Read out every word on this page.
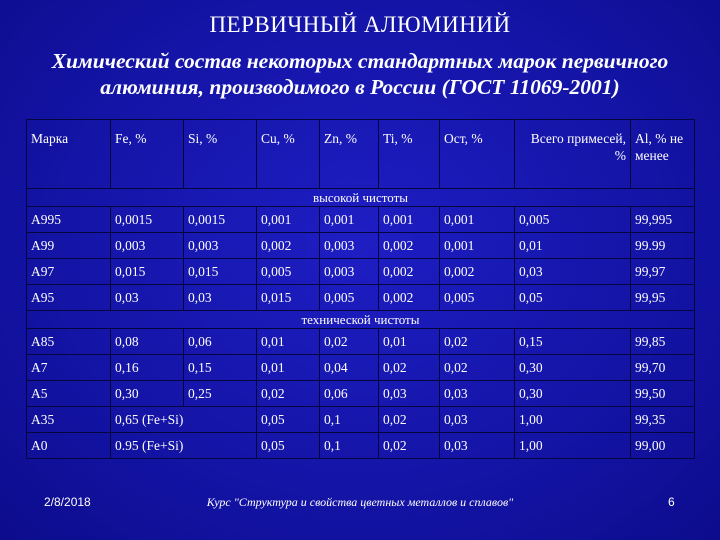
ПЕРВИЧНЫЙ АЛЮМИНИЙ
Химический состав некоторых стандартных марок первичного
алюминия, производимого в России (ГОСТ 11069-2001)
Марка	Fe, %	Si, %	Cu, %	Zn, %	Ti, %	Ост, %	Всего примесей, %	Al, % не менее
высокой чистоты								
А995	0,0015	0,0015	0,001	0,001	0,001	0,001	0,005	99,995
А99	0,003	0,003	0,002	0,003	0,002	0,001	0,01	99.99
А97	0,015	0,015	0,005	0,003	0,002	0,002	0,03	99,97
А95	0,03	0,03	0,015	0,005	0,002	0,005	0,05	99,95
технической чистоты								
А85	0,08	0,06	0,01	0,02	0,01	0,02	0,15	99,85
А7	0,16	0,15	0,01	0,04	0,02	0,02	0,30	99,70
А5	0,30	0,25	0,02	0,06	0,03	0,03	0,30	99,50
А35	0,65 (Fe+Si)		0,05	0,1	0,02	0,03	1,00	99,35
А0	0.95 (Fe+Si)		0,05	0,1	0,02	0,03	1,00	99,00
2/8/2018	Курс "Структура и свойства цветных металлов и сплавов"	6
